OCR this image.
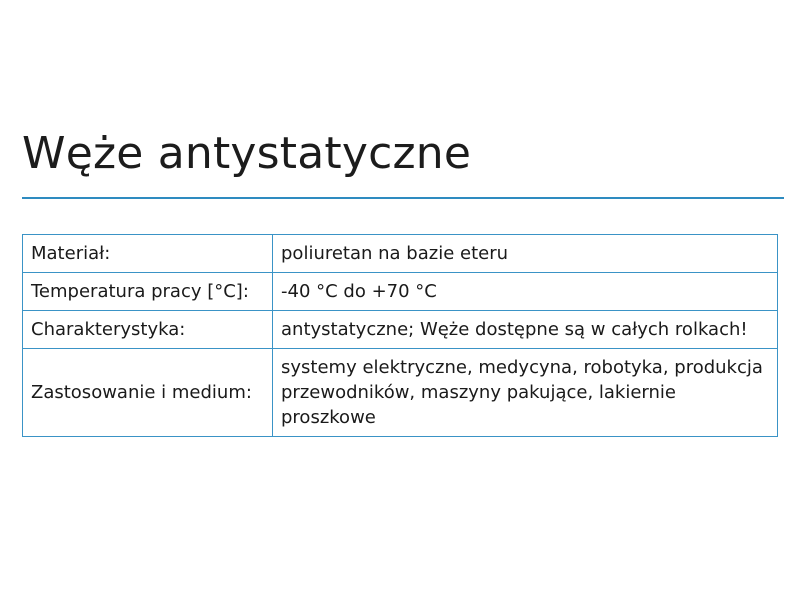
Węże antystatyczne
Materiał:	poliuretan na bazie eteru
Temperatura pracy [°C]:	-40 °C do +70 °C
Charakterystyka:	antystatyczne; Węże dostępne są w całych rolkach!
Zastosowanie i medium:	systemy elektryczne, medycyna, robotyka, produkcja przewodników, maszyny pakujące, lakiernie proszkowe
